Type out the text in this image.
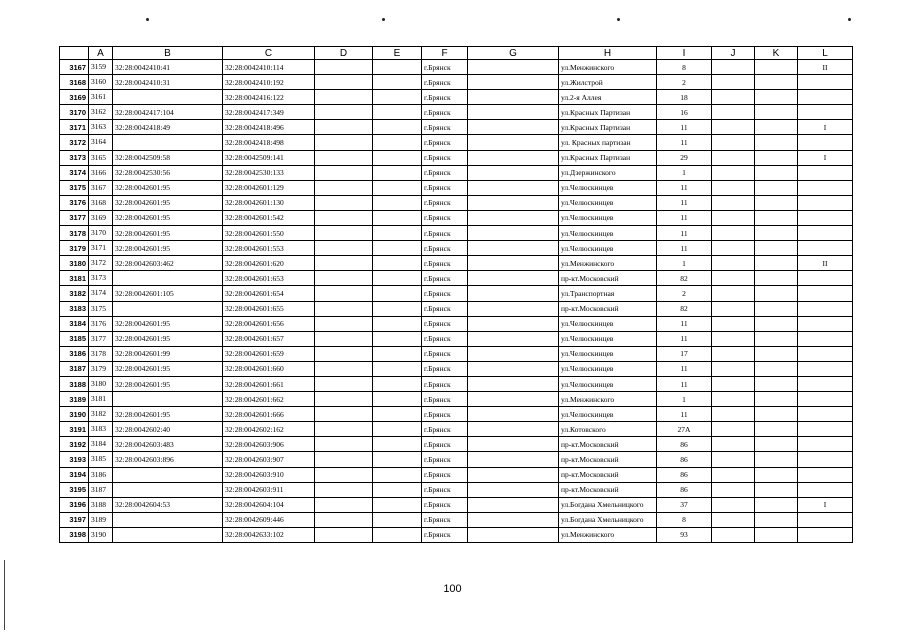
	A	B	C	D	E	F	G	H	I	J	K	L
3167	3159	32:28:0042410:41	32:28:0042410:114			г.Брянск		ул.Менжинского	8			II
3168	3160	32:28:0042410:31	32:28:0042410:192			г.Брянск		ул.Жилстрой	2			
3169	3161		32:28:0042416:122			г.Брянск		ул.2-я Аллея	18			
3170	3162	32:28:0042417:104	32:28:0042417:349			г.Брянск		ул.Красных Партизан	16			
3171	3163	32:28:0042418:49	32:28:0042418:496			г.Брянск		ул.Красных Партизан	11			I
3172	3164		32:28:0042418:498			г.Брянск		ул. Красных партизан	11			
3173	3165	32:28:0042509:58	32:28:0042509:141			г.Брянск		ул.Красных Партизан	29			I
3174	3166	32:28:0042530:56	32:28:0042530:133			г.Брянск		ул.Дзержинского	1			
3175	3167	32:28:0042601:95	32:28:0042601:129			г.Брянск		ул.Челюскинцев	11			
3176	3168	32:28:0042601:95	32:28:0042601:130			г.Брянск		ул.Челюскинцев	11			
3177	3169	32:28:0042601:95	32:28:0042601:542			г.Брянск		ул.Челюскинцев	11			
3178	3170	32:28:0042601:95	32:28:0042601:550			г.Брянск		ул.Челюскинцев	11			
3179	3171	32:28:0042601:95	32:28:0042601:553			г.Брянск		ул.Челюскинцев	11			
3180	3172	32:28:0042603:462	32:28:0042601:620			г.Брянск		ул.Менжинского	1			II
3181	3173		32:28:0042601:653			г.Брянск		пр-кт.Московский	82			
3182	3174	32:28:0042601:105	32:28:0042601:654			г.Брянск		ул.Транспортная	2			
3183	3175		32:28:0042601:655			г.Брянск		пр-кт.Московский	82			
3184	3176	32:28:0042601:95	32:28:0042601:656			г.Брянск		ул.Челюскинцев	11			
3185	3177	32:28:0042601:95	32:28:0042601:657			г.Брянск		ул.Челюскинцев	11			
3186	3178	32:28:0042601:99	32:28:0042601:659			г.Брянск		ул.Челюскинцев	17			
3187	3179	32:28:0042601:95	32:28:0042601:660			г.Брянск		ул.Челюскинцев	11			
3188	3180	32:28:0042601:95	32:28:0042601:661			г.Брянск		ул.Челюскинцев	11			
3189	3181		32:28:0042601:662			г.Брянск		ул.Менжинского	1			
3190	3182	32:28:0042601:95	32:28:0042601:666			г.Брянск		ул.Челюскинцев	11			
3191	3183	32:28:0042602:40	32:28:0042602:162			г.Брянск		ул.Котовского	27А			
3192	3184	32:28:0042603:483	32:28:0042603:906			г.Брянск		пр-кт.Московский	86			
3193	3185	32:28:0042603:896	32:28:0042603:907			г.Брянск		пр-кт.Московский	86			
3194	3186		32:28:0042603:910			г.Брянск		пр-кт.Московский	86			
3195	3187		32:28:0042603:911			г.Брянск		пр-кт.Московский	86			
3196	3188	32:28:0042604:53	32:28:0042604:104			г.Брянск		ул.Богдана Хмельницкого	37			I
3197	3189		32:28:0042609:446			г.Брянск		ул.Богдана Хмельницкого	8			
3198	3190		32:28:0042633:102			г.Брянск		ул.Менжинского	93			
100
